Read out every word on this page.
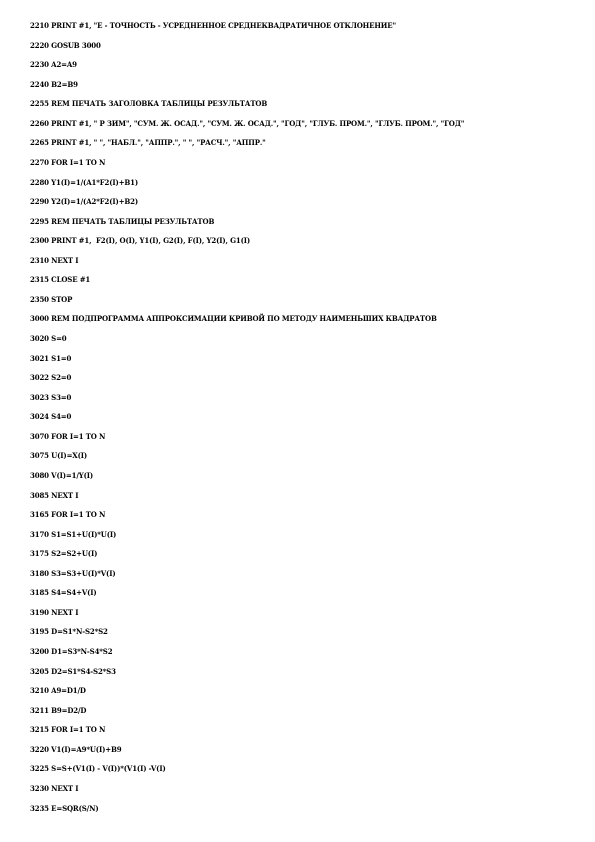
2210 PRINT #1, "E - ТОЧНОСТЬ - УСРЕДНЕННОЕ СРЕДНЕКВАДРАТИЧНОЕ ОТКЛОНЕНИЕ"
2220 GOSUB 3000
2230 A2=A9
2240 B2=B9
2255 REM ПЕЧАТЬ ЗАГОЛОВКА ТАБЛИЦЫ РЕЗУЛЬТАТОВ
2260 PRINT #1, " Р ЗИМ", "СУМ. Ж. ОСАД.", "СУМ. Ж. ОСАД.", "ГОД", "ГЛУБ. ПРОМ.", "ГЛУБ. ПРОМ.", "ГОД"
2265 PRINT #1, " ", "НАБЛ.", "АППР.", " ", "РАСЧ.", "АППР."
2270 FOR I=1 TO N
2280 Y1(I)=1/(A1*F2(I)+B1)
2290 Y2(I)=1/(A2*F2(I)+B2)
2295 REM ПЕЧАТЬ ТАБЛИЦЫ РЕЗУЛЬТАТОВ
2300 PRINT #1,  F2(I), O(I), Y1(I), G2(I), F(I), Y2(I), G1(I)
2310 NEXT I
2315 CLOSE #1
2350 STOP
3000 REM ПОДПРОГРАММА АППРОКСИМАЦИИ КРИВОЙ ПО МЕТОДУ НАИМЕНЬШИХ КВАДРАТОВ
3020 S=0
3021 S1=0
3022 S2=0
3023 S3=0
3024 S4=0
3070 FOR I=1 TO N
3075 U(I)=X(I)
3080 V(I)=1/Y(I)
3085 NEXT I
3165 FOR I=1 TO N
3170 S1=S1+U(I)*U(I)
3175 S2=S2+U(I)
3180 S3=S3+U(I)*V(I)
3185 S4=S4+V(I)
3190 NEXT I
3195 D=S1*N-S2*S2
3200 D1=S3*N-S4*S2
3205 D2=S1*S4-S2*S3
3210 A9=D1/D
3211 B9=D2/D
3215 FOR I=1 TO N
3220 V1(I)=A9*U(I)+B9
3225 S=S+(V1(I) - V(I))*(V1(I) -V(I)
3230 NEXT I
3235 E=SQR(S/N)
